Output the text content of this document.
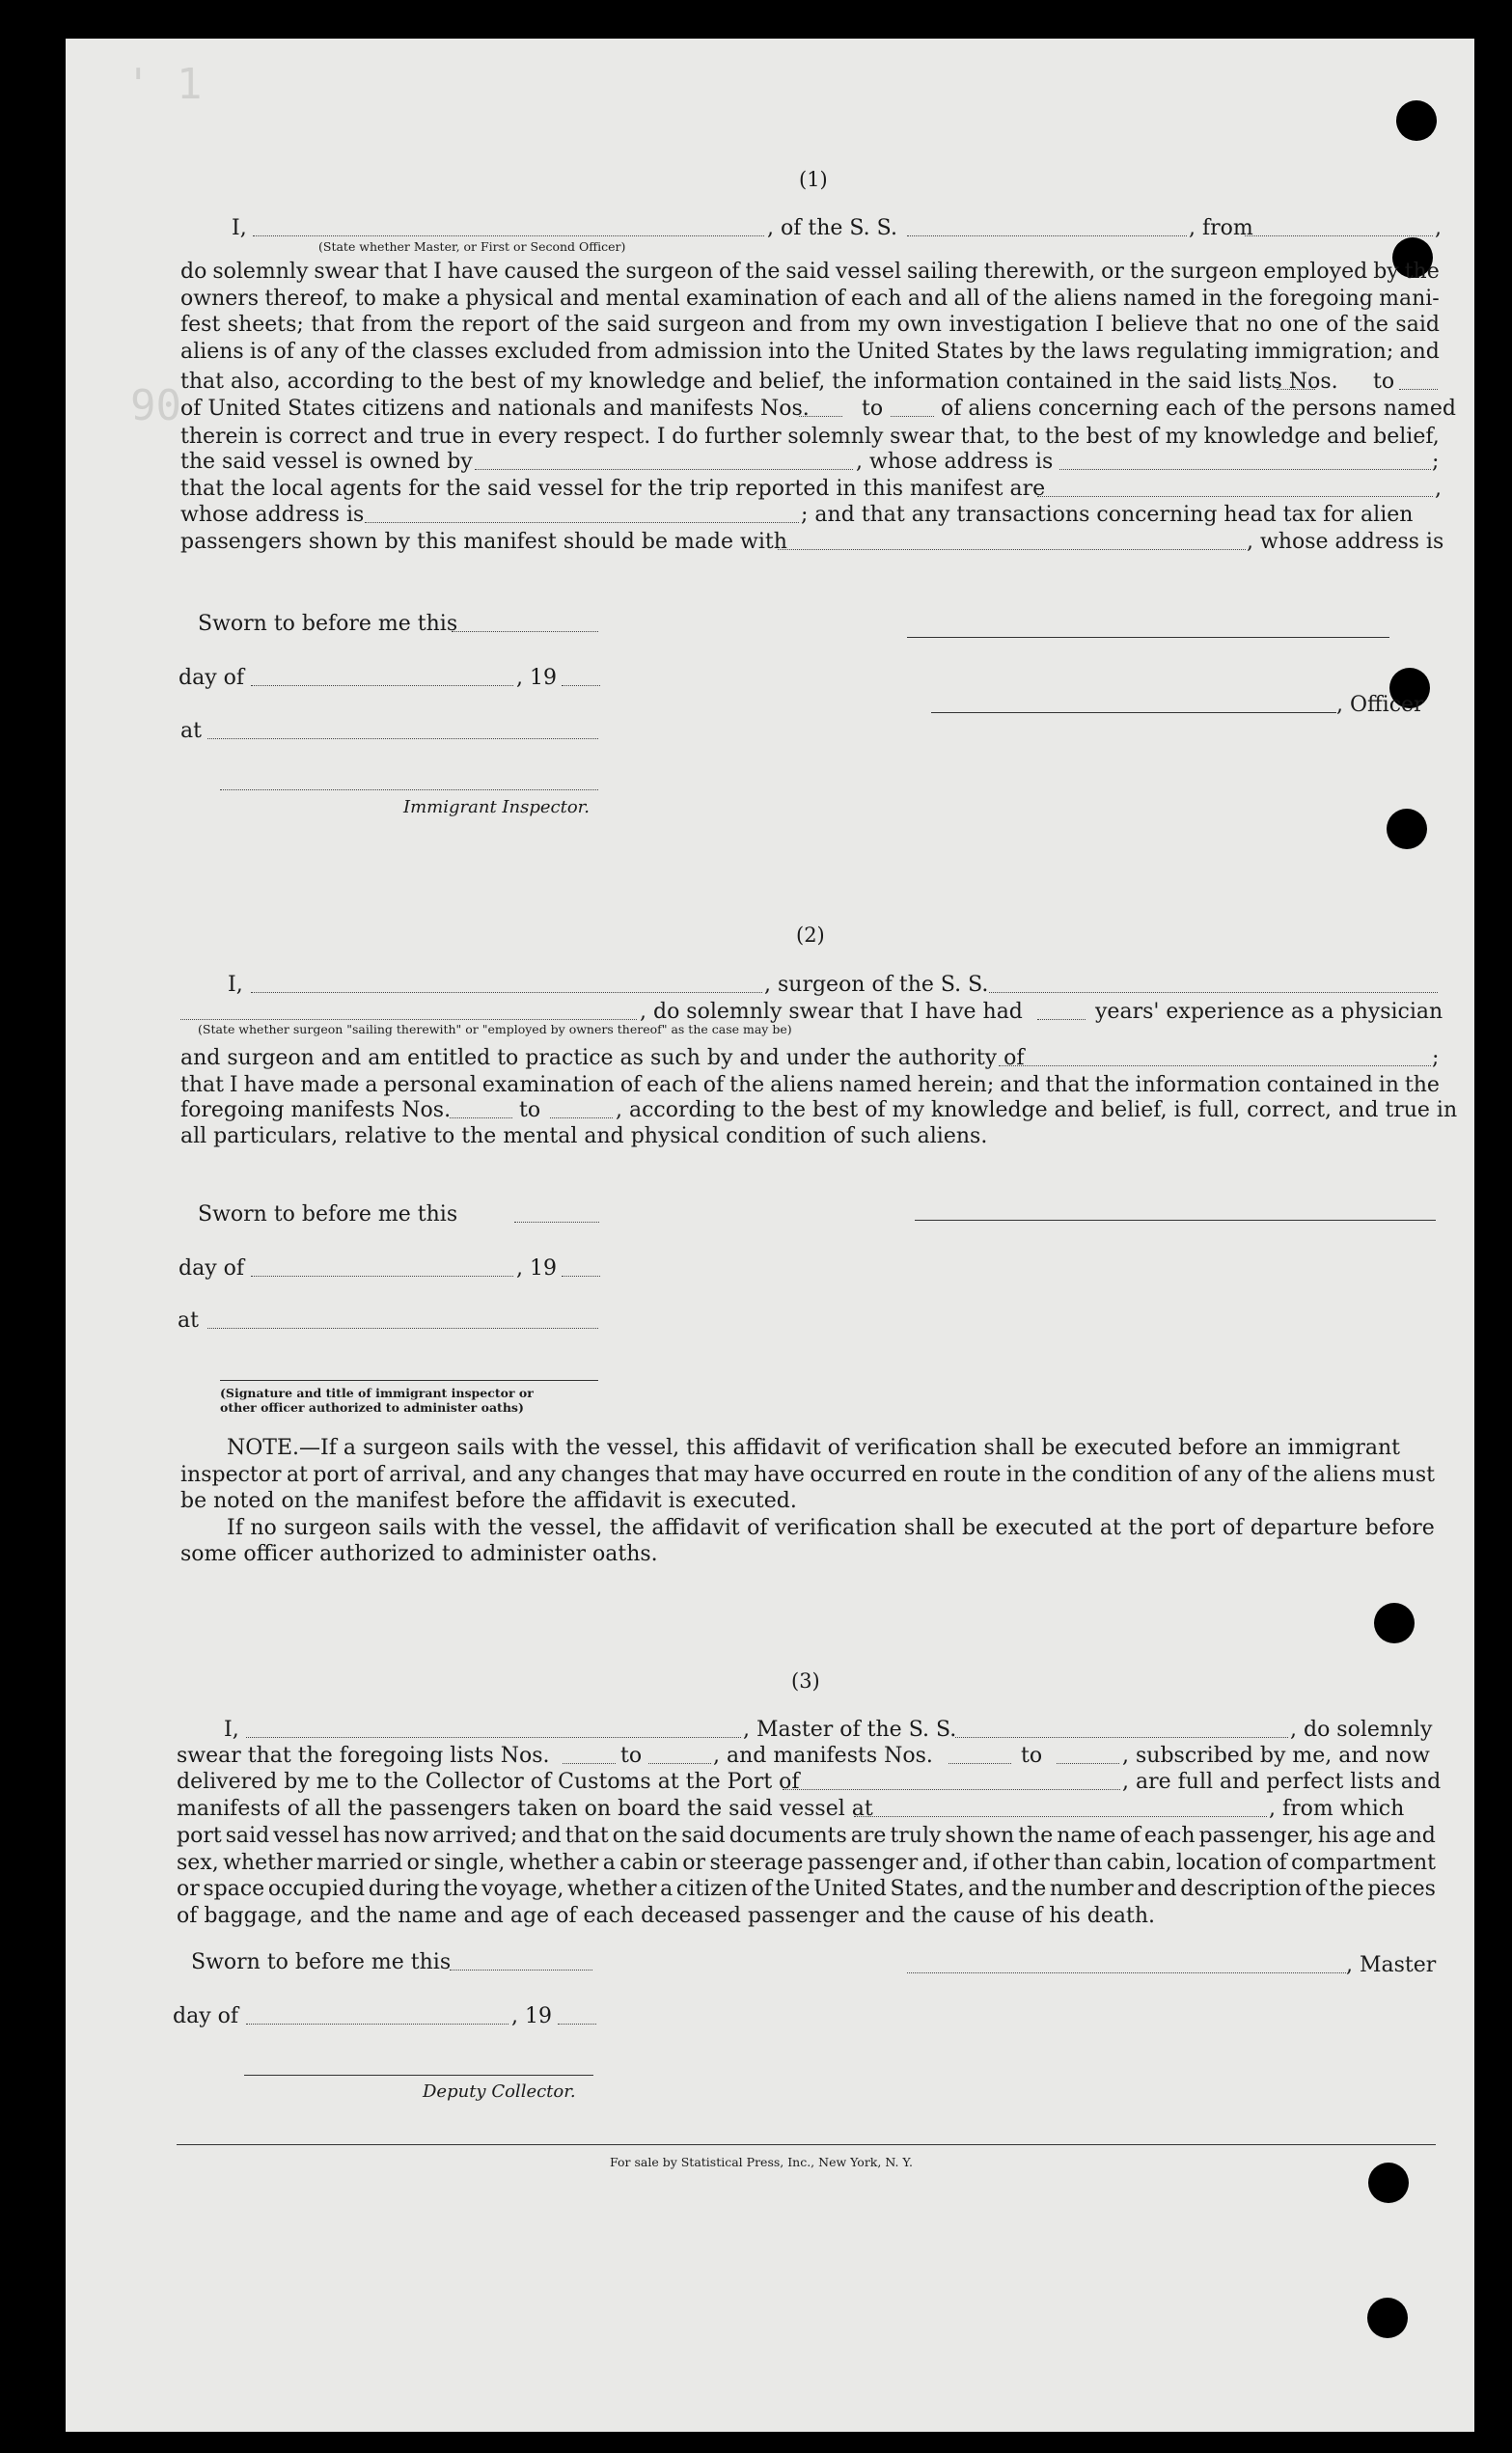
' 1
90
(1)
I,	, of the S. S.	, from	,
(State whether Master, or First or Second Officer)
do solemnly swear that I have caused the surgeon of the said vessel sailing therewith, or the surgeon employed by the
owners thereof, to make a physical and mental examination of each and all of the aliens named in the foregoing mani-
fest sheets; that from the report of the said surgeon and from my own investigation I believe that no one of the said
aliens is of any of the classes excluded from admission into the United States by the laws regulating immigration; and
that also, according to the best of my knowledge and belief, the information contained in the said lists Nos. to
of United States citizens and nationals and manifests Nos. to	of aliens concerning each of the persons named
therein is correct and true in every respect. I do further solemnly swear that, to the best of my knowledge and belief,
the said vessel is owned by	, whose address is	;
that the local agents for the said vessel for the trip reported in this manifest are	,
whose address is	; and that any transactions concerning head tax for alien
passengers shown by this manifest should be made with	, whose address is
Sworn to before me this
day of	, 19
, Officer
at
Immigrant Inspector.
(2)
I,	, surgeon of the S. S.
, do solemnly swear that I have had	years' experience as a physician
(State whether surgeon "sailing therewith" or "employed by owners thereof" as the case may be)
and surgeon and am entitled to practice as such by and under the authority of	;
that I have made a personal examination of each of the aliens named herein; and that the information contained in the
foregoing manifests Nos.	to	, according to the best of my knowledge and belief, is full, correct, and true in
all particulars, relative to the mental and physical condition of such aliens.
Sworn to before me this
day of	, 19
at
(Signature and title of immigrant inspector or
other officer authorized to administer oaths)
NOTE.—If a surgeon sails with the vessel, this affidavit of verification shall be executed before an immigrant
inspector at port of arrival, and any changes that may have occurred en route in the condition of any of the aliens must
be noted on the manifest before the affidavit is executed.
If no surgeon sails with the vessel, the affidavit of verification shall be executed at the port of departure before
some officer authorized to administer oaths.
(3)
I,	, Master of the S. S.	, do solemnly
swear that the foregoing lists Nos.	to	, and manifests Nos.	to	, subscribed by me, and now
delivered by me to the Collector of Customs at the Port of	, are full and perfect lists and
manifests of all the passengers taken on board the said vessel at	, from which
port said vessel has now arrived; and that on the said documents are truly shown the name of each passenger, his age and
sex, whether married or single, whether a cabin or steerage passenger and, if other than cabin, location of compartment
or space occupied during the voyage, whether a citizen of the United States, and the number and description of the pieces
of baggage, and the name and age of each deceased passenger and the cause of his death.
Sworn to before me this	, Master
day of	, 19
Deputy Collector.
For sale by Statistical Press, Inc., New York, N. Y.
